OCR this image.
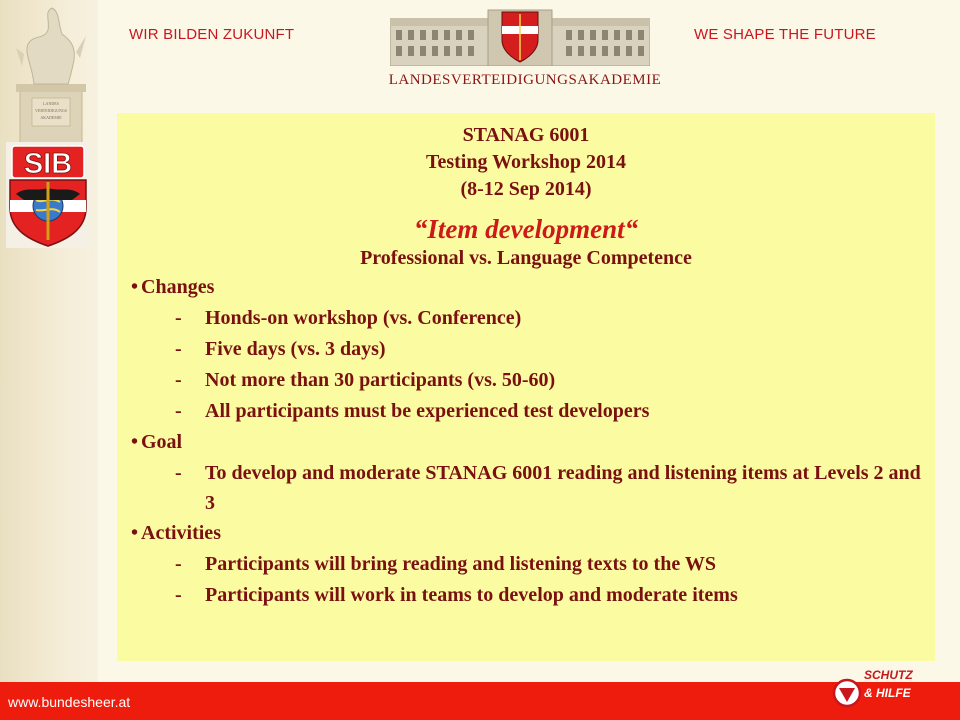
LANDES
VERTEIDIGUNGS
AKADEMIE
SIB
WIR BILDEN ZUKUNFT	WE SHAPE THE FUTURE
LANDESVERTEIDIGUNGSAKADEMIE
STANAG 6001
Testing Workshop 2014
(8-12 Sep 2014)
“Item development“
Professional vs. Language Competence
• Changes
- Honds-on workshop (vs. Conference)
- Five days (vs. 3 days)
- Not more than 30 participants (vs. 50-60)
- All participants must be experienced test developers
• Goal
- To develop and moderate STANAG 6001 reading and listening items at Levels 2 and 3
• Activities
- Participants will bring reading and listening texts to the WS
- Participants will work in teams to develop and moderate items
www.bundesheer.at
SCHUTZ
& HILFE
